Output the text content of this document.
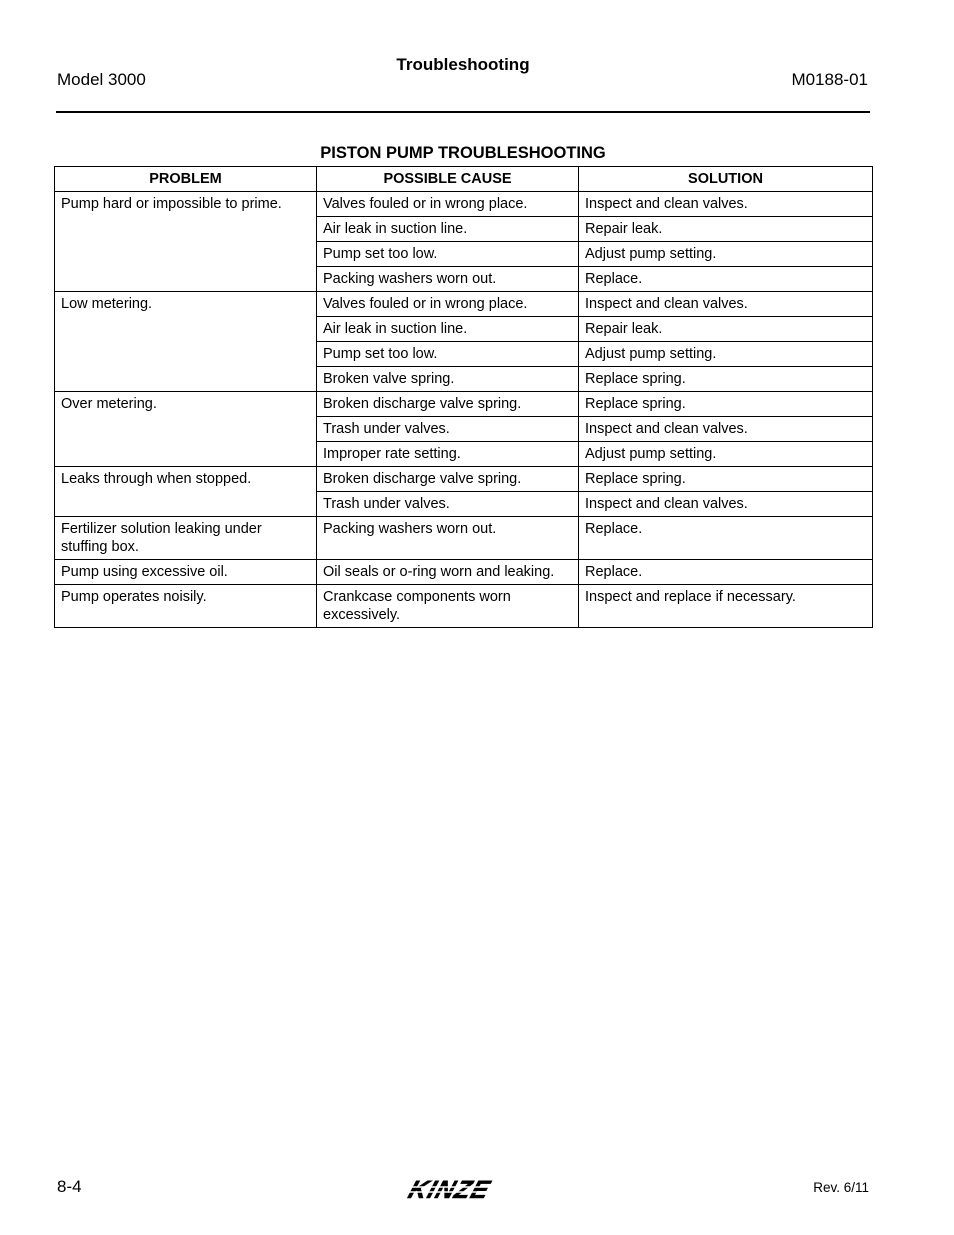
Model 3000
Troubleshooting
M0188-01
PISTON PUMP TROUBLESHOOTING
PROBLEM	POSSIBLE CAUSE	SOLUTION
Pump hard or impossible to prime.	Valves fouled or in wrong place.	Inspect and clean valves.
	Air leak in suction line.	Repair leak.
	Pump set too low.	Adjust pump setting.
	Packing washers worn out.	Replace.
Low metering.	Valves fouled or in wrong place.	Inspect and clean valves.
	Air leak in suction line.	Repair leak.
	Pump set too low.	Adjust pump setting.
	Broken valve spring.	Replace spring.
Over metering.	Broken discharge valve spring.	Replace spring.
	Trash under valves.	Inspect and clean valves.
	Improper rate setting.	Adjust pump setting.
Leaks through when stopped.	Broken discharge valve spring.	Replace spring.
	Trash under valves.	Inspect and clean valves.
Fertilizer solution leaking under stuffing box.	Packing washers worn out.	Replace.
Pump using excessive oil.	Oil seals or o-ring worn and leaking.	Replace.
Pump operates noisily.	Crankcase components worn excessively.	Inspect and replace if necessary.
8-4	KINZE	Rev. 6/11
